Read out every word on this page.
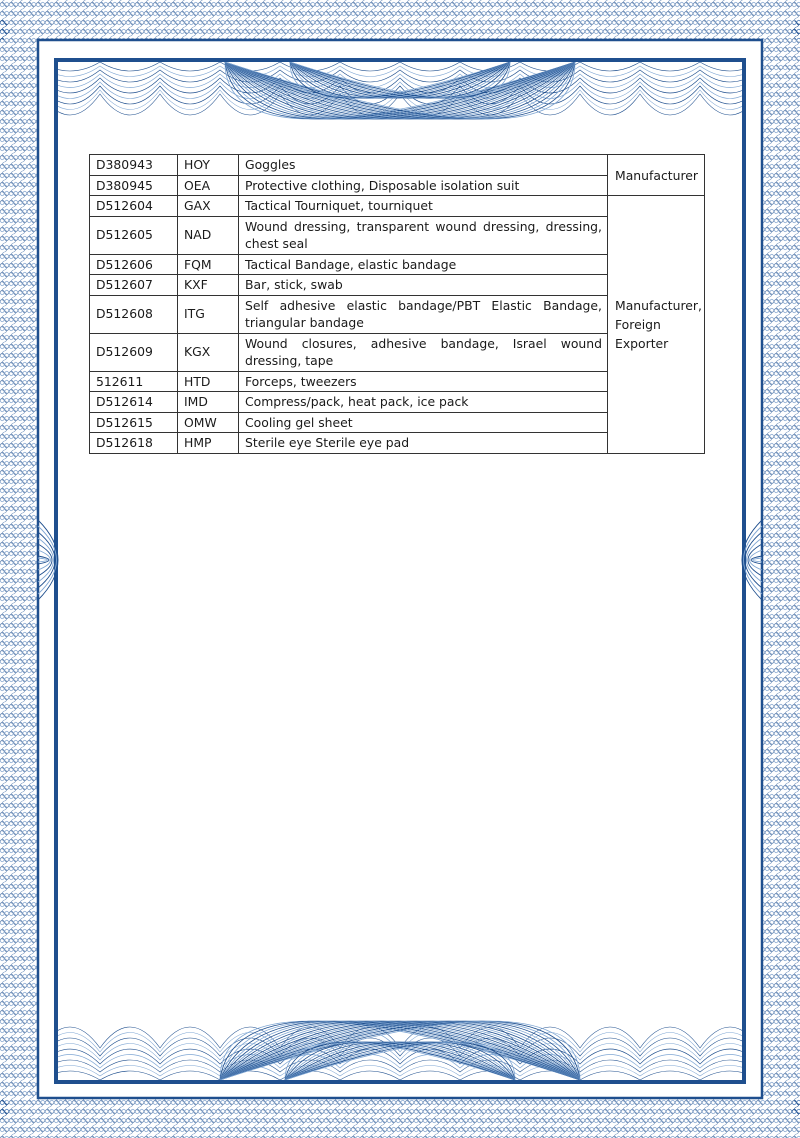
D380943	HOY	Goggles	Manufacturer

D380945	OEA	Protective clothing, Disposable isolation suit	
D512604	GAX	Tactical Tourniquet, tourniquet	Manufacturer,
Foreign
Exporter

D512605	NAD	Wound dressing, transparent wound dressing, dressing, chest seal	
D512606	FQM	Tactical Bandage, elastic bandage	
D512607	KXF	Bar, stick, swab	
D512608	ITG	Self adhesive elastic bandage/PBT Elastic Bandage, triangular bandage	
D512609	KGX	Wound closures, adhesive bandage, Israel wound dressing, tape	
512611	HTD	Forceps, tweezers	
D512614	IMD	Compress/pack, heat pack, ice pack	
D512615	OMW	Cooling gel sheet	
D512618	HMP	Sterile eye Sterile eye pad	
